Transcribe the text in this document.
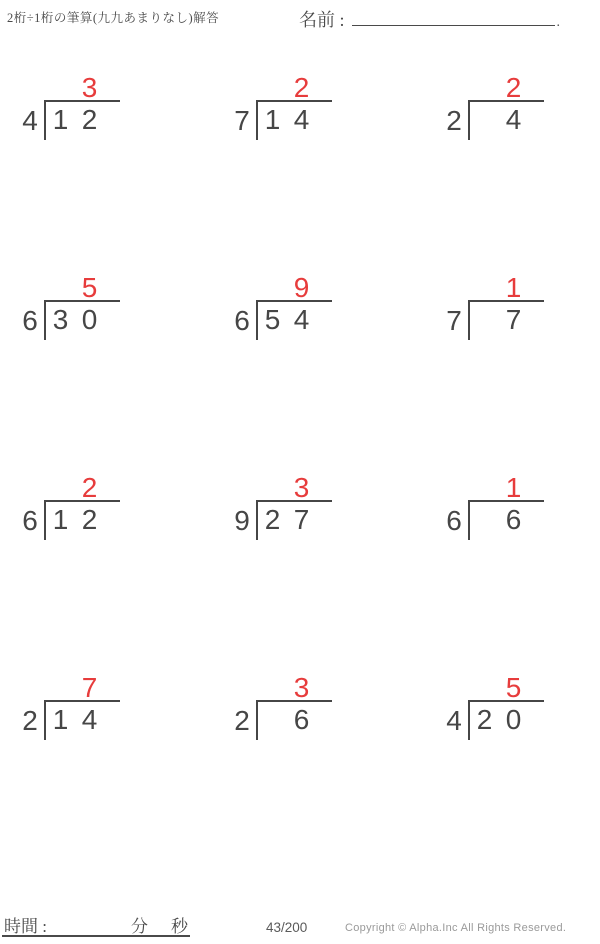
2桁÷1桁の筆算(九九あまりなし)解答	名前 :	.
3
4 1 2
2
7 1 4
2
2 4
5
6 3 0
9
6 5 4
1
7 7
2
6 1 2
3
9 2 7
1
6 6
7
2 1 4
3
2 6
5
4 2 0
時間 :	分 秒	43/200	Copyright © Alpha.Inc All Rights Reserved.
